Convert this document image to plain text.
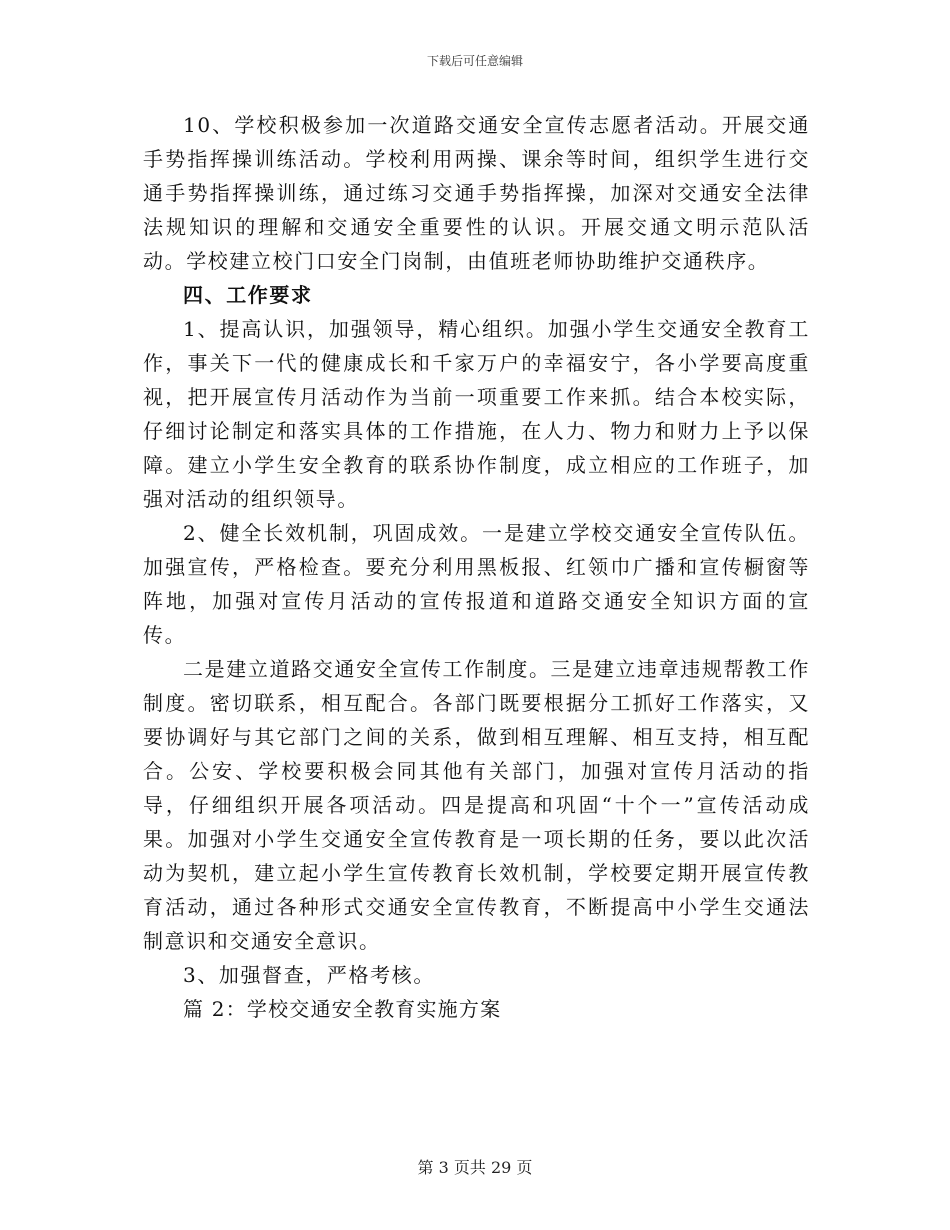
下载后可任意编辑

10、学校积极参加一次道路交通安全宣传志愿者活动。开展交通手势指挥操训练活动。学校利用两操、课余等时间，组织学生进行交通手势指挥操训练，通过练习交通手势指挥操，加深对交通安全法律法规知识的理解和交通安全重要性的认识。开展交通文明示范队活动。学校建立校门口安全门岗制，由值班老师协助维护交通秩序。

四、工作要求

1、提高认识，加强领导，精心组织。加强小学生交通安全教育工作，事关下一代的健康成长和千家万户的幸福安宁，各小学要高度重视，把开展宣传月活动作为当前一项重要工作来抓。结合本校实际，仔细讨论制定和落实具体的工作措施，在人力、物力和财力上予以保障。建立小学生安全教育的联系协作制度，成立相应的工作班子，加强对活动的组织领导。

2、健全长效机制，巩固成效。一是建立学校交通安全宣传队伍。加强宣传，严格检查。要充分利用黑板报、红领巾广播和宣传橱窗等阵地，加强对宣传月活动的宣传报道和道路交通安全知识方面的宣传。

二是建立道路交通安全宣传工作制度。三是建立违章违规帮教工作制度。密切联系，相互配合。各部门既要根据分工抓好工作落实，又要协调好与其它部门之间的关系，做到相互理解、相互支持，相互配合。公安、学校要积极会同其他有关部门，加强对宣传月活动的指导，仔细组织开展各项活动。四是提高和巩固“十个一”宣传活动成果。加强对小学生交通安全宣传教育是一项长期的任务，要以此次活动为契机，建立起小学生宣传教育长效机制，学校要定期开展宣传教育活动，通过各种形式交通安全宣传教育，不断提高中小学生交通法制意识和交通安全意识。

3、加强督查，严格考核。

篇 2：学校交通安全教育实施方案

第 3 页共 29 页
